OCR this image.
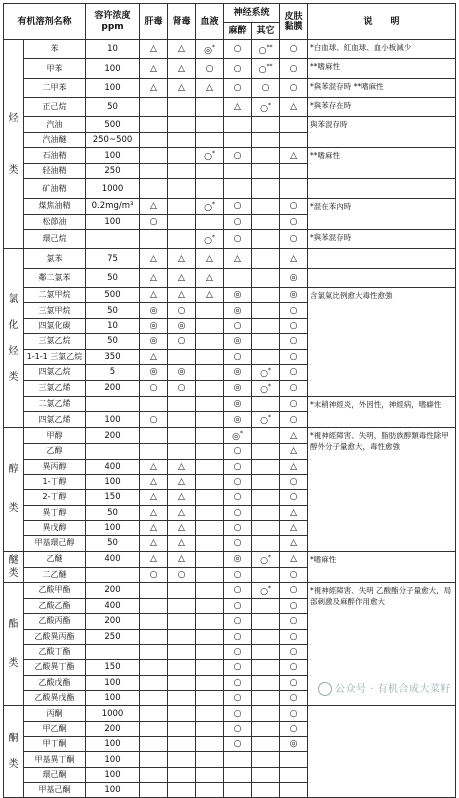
有机溶剂名称		容许浓度 ppm	肝毒	肾毒	血液	神经系统		皮肤黏膜	说　　明
						麻醉	其它		
烃

类	苯	10	△	△	◎*	○	○**	○	*白血球、紅血球、血小板減少
	甲苯	100	△	△	○	○	○**	○	**嗜麻性
	二甲苯	100	△	△	△	○	○	○	*與苯混存時 **嗜麻性
	正己烷	50				△	○*	△	*與苯存在時
	汽油	500							與苯混存時
	汽油醚	250~500							
	石油精	100			○*	○		△	**嗜麻性
	轻油精	250							
	矿油精	1000							
	煤焦油精	0.2mg/m³	△		○*	○		○	*混在苯內時
	松節油	100	○			○		○	
	環己烷				○*	○		○	*與苯混存時
氯

化

烃

类	氯苯	75	△	△	△	△		△	
	鄰二氯苯	50	△	△	△			◎	
	二氯甲烷	500	△	△	△	◎		◎	含氯氣比例愈大毒性愈強
	三氯甲烷	50	◎	○		◎		○	
	四氯化碳	10	◎	◎		○		○	
	三氯乙烷	50	◎	○		◎		○	
	1-1-1 三氯乙烷	350	△			○		○	
	四氯乙烷	5	◎	◎		◎	○*	○	
	三氯乙烯	200	○	○		◎	○*	○	
	二氯乙烯					◎		○	*末稍神經炎，外因性，神經病，嗜癖性
	四氯乙烯	100	○			◎	○*	○	
醇

类	甲醇	200				◎*		△	*視神經障害、失明，脂肪族醇類毒性除甲醇外分子量愈大，毒性愈強
	乙醇					○		△	
	異丙醇	400	△	△		○		△	
	1-丁醇	100	△	△		○		○	
	2-丁醇	150	△	△		○		○	
	異丁醇	50	△	△		○		△	
	異戊醇	100	△	△		○		△	
	甲基環己醇	50	△	△		○		△	
醚类	乙醚	400	△	△		◎	○*	△	*嗜麻性
	二乙醚		○	○		○		○	
酯

类	乙酸甲酯	200				○	○*	○	*視神經障害、失明 乙酸酯分子量愈大，局部刺激及麻醉作用愈大
	乙酸乙酯	400				○		○	
	乙酸丙酯	200				○		○	
	乙酸異丙酯	250				○		○	
	乙酸丁酯					○		○	
	乙酸異丁酯	150				○		○	
	乙酸戊酯	100				○		○	
	乙酸異戊酯	100				○		○	
酮

类	丙酮	1000				○		○	
	甲乙酮	200				○		○	
	甲丁酮	100				○		◎	
	甲基異丁酮	100							
	環己酮	100							
	甲基己酮	100							
公众号 · 有机合成大菜籽
